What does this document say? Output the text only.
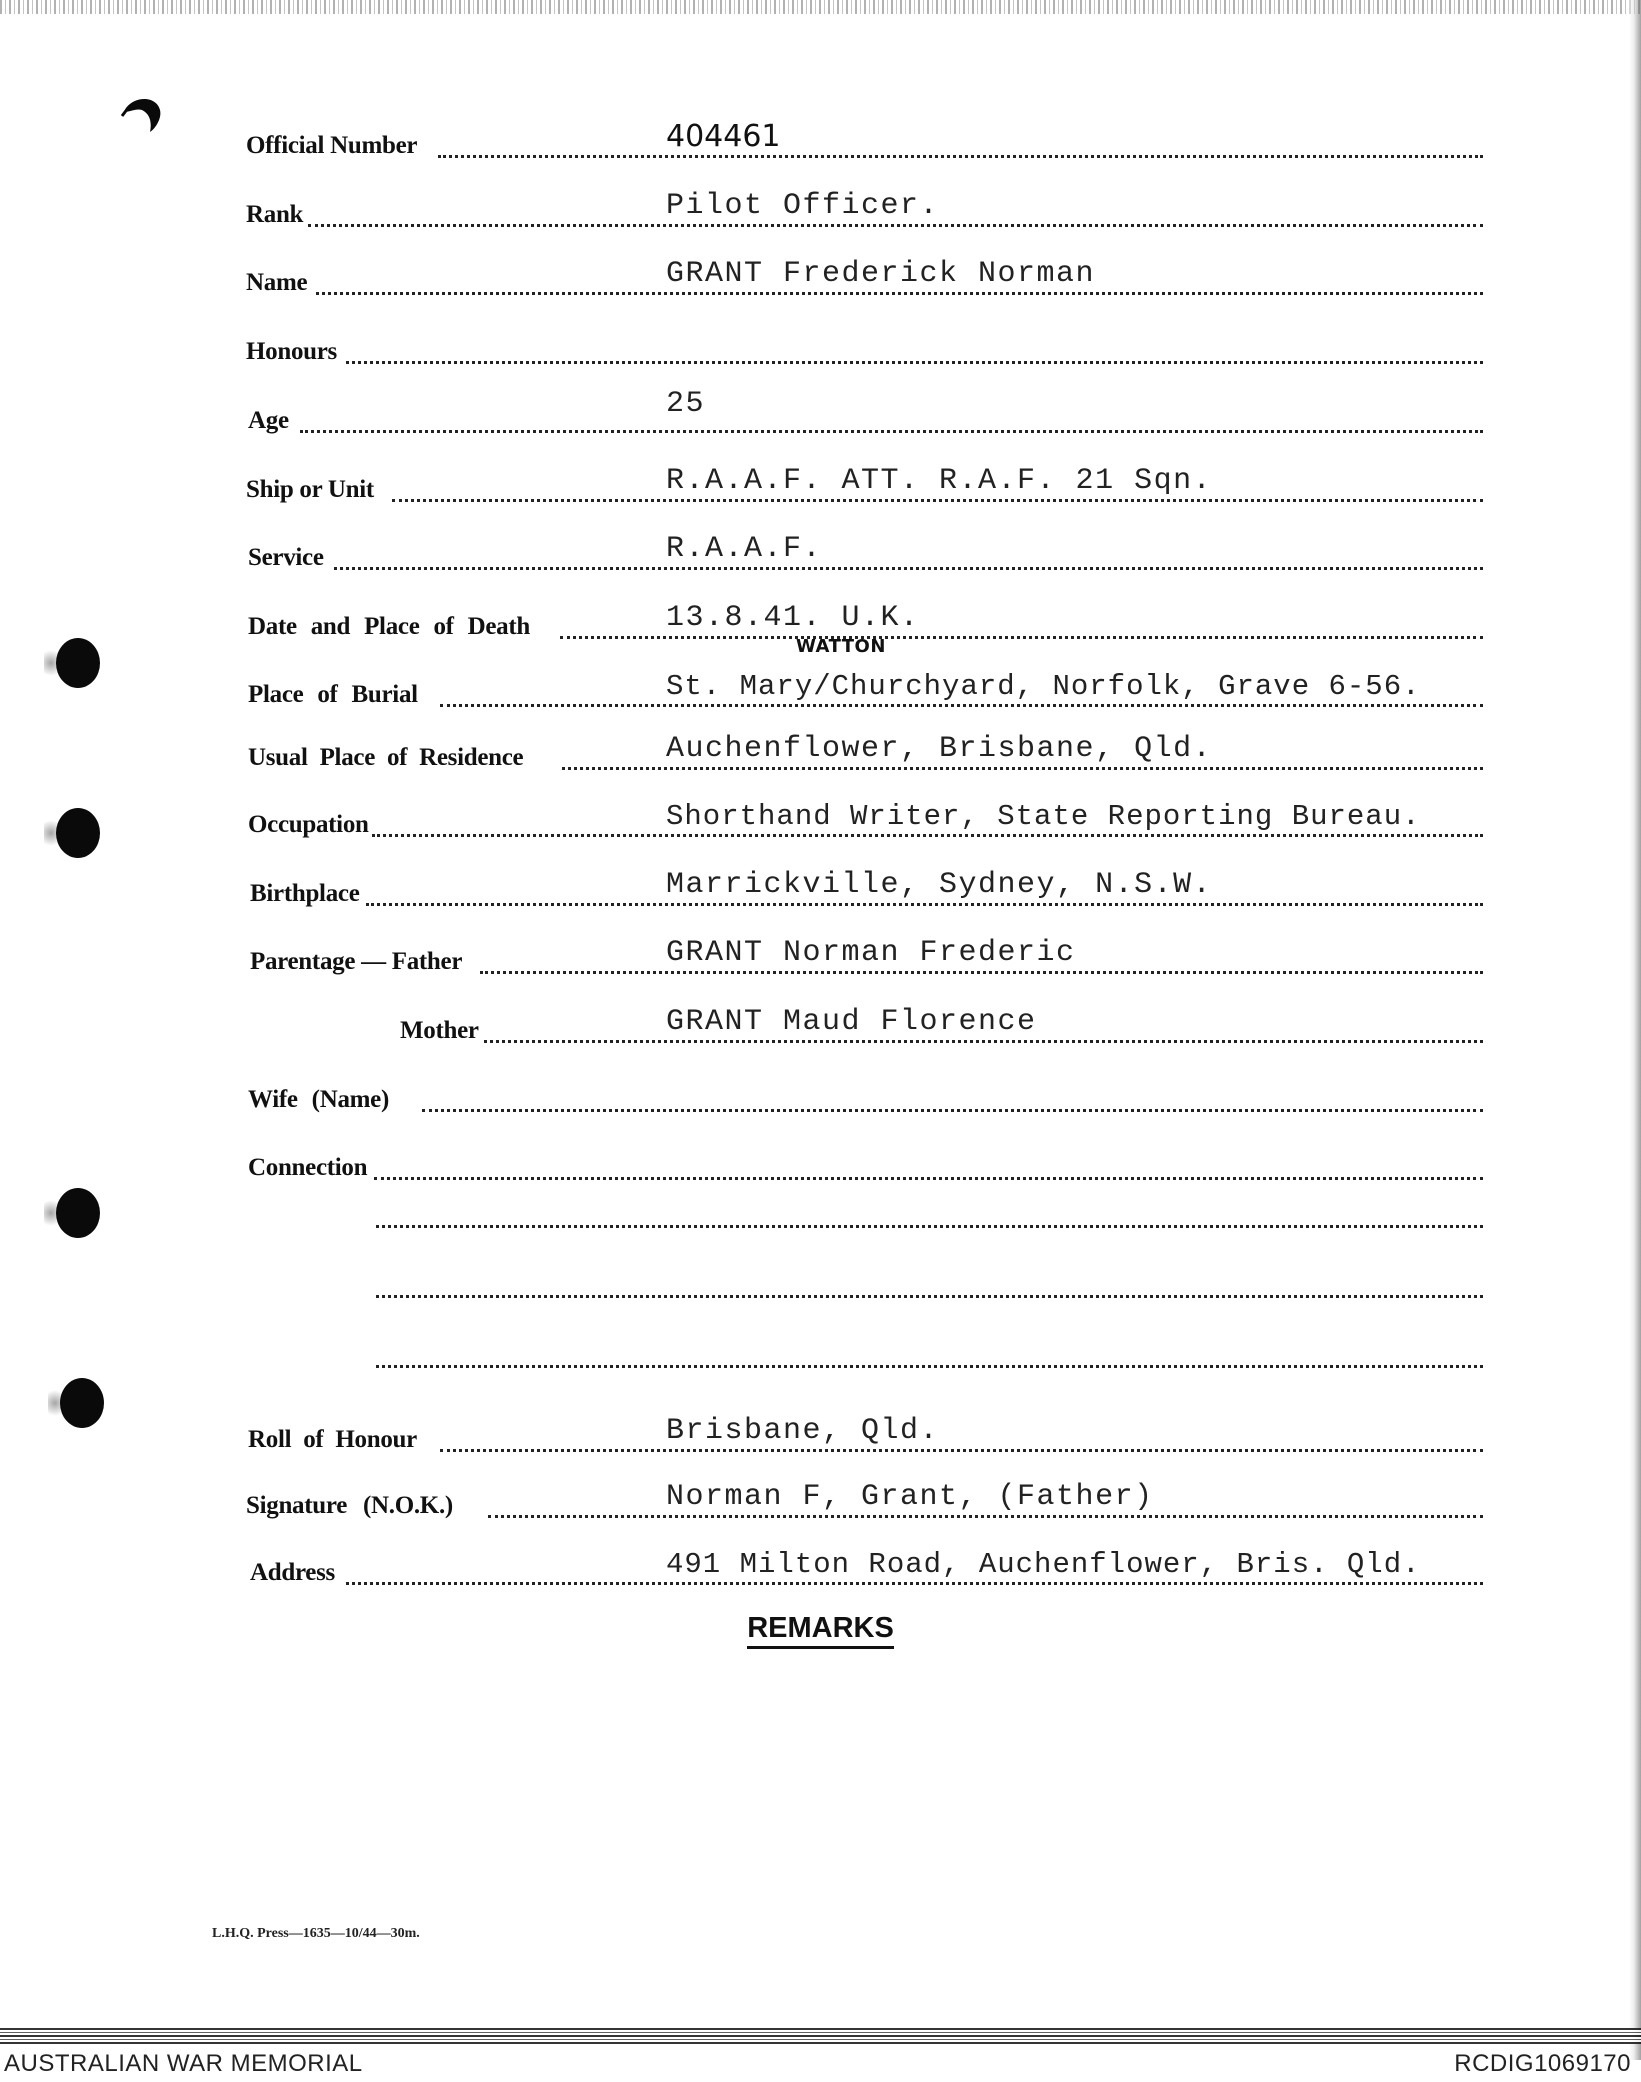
Official Number	404461
Rank	Pilot Officer.
Name	GRANT Frederick Norman
Honours
Age	25
Ship or Unit	R.A.A.F. ATT. R.A.F. 21 Sqn.
Service	R.A.A.F.
Date and Place of Death	13.8.41. U.K.
WATTON
Place of Burial	St. Mary/Churchyard, Norfolk, Grave 6-56.
Usual Place of Residence	Auchenflower, Brisbane, Qld.
Occupation	Shorthand Writer, State Reporting Bureau.
Birthplace	Marrickville, Sydney, N.S.W.
Parentage — Father	GRANT Norman Frederic
Mother	GRANT Maud Florence
Wife (Name)
Connection
Roll of Honour	Brisbane, Qld.
Signature (N.O.K.)	Norman F, Grant, (Father)
Address	491 Milton Road, Auchenflower, Bris. Qld.
REMARKS
L.H.Q. Press—1635—10/44—30m.
AUSTRALIAN WAR MEMORIAL	RCDIG1069170
